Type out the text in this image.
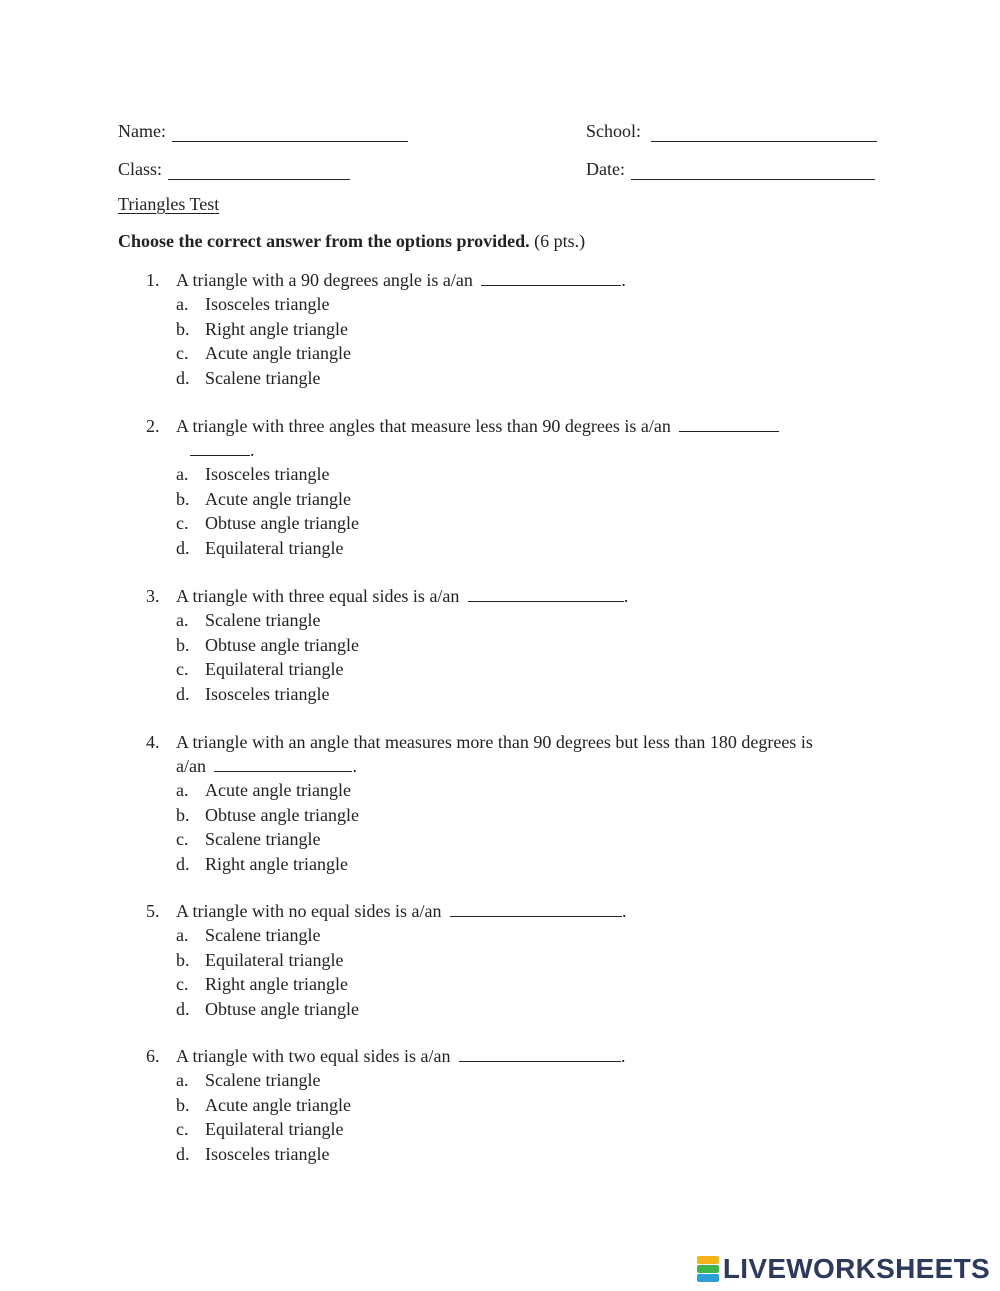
Name:	School:
Class:	Date:
Triangles Test
Choose the correct answer from the options provided. (6 pts.)
1. A triangle with a 90 degrees angle is a/an	.
a. Isosceles triangle
b. Right angle triangle
c. Acute angle triangle
d. Scalene triangle
2. A triangle with three angles that measure less than 90 degrees is a/an
.
a. Isosceles triangle
b. Acute angle triangle
c. Obtuse angle triangle
d. Equilateral triangle
3. A triangle with three equal sides is a/an	.
a. Scalene triangle
b. Obtuse angle triangle
c. Equilateral triangle
d. Isosceles triangle
4. A triangle with an angle that measures more than 90 degrees but less than 180 degrees is
a/an	.
a. Acute angle triangle
b. Obtuse angle triangle
c. Scalene triangle
d. Right angle triangle
5. A triangle with no equal sides is a/an	.
a. Scalene triangle
b. Equilateral triangle
c. Right angle triangle
d. Obtuse angle triangle
6. A triangle with two equal sides is a/an	.
a. Scalene triangle
b. Acute angle triangle
c. Equilateral triangle
d. Isosceles triangle
LIVEWORKSHEETS
